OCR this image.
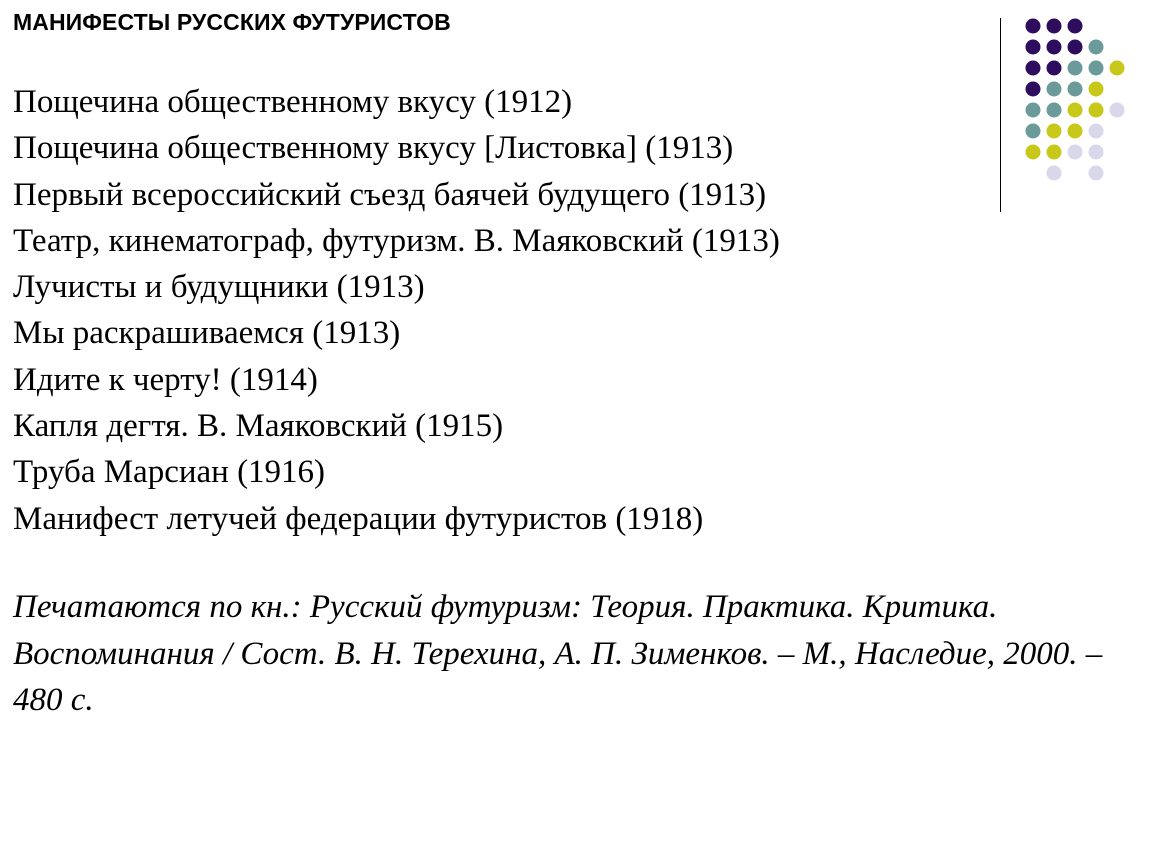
МАНИФЕСТЫ РУССКИХ ФУТУРИСТОВ
Пощечина общественному вкусу (1912)
Пощечина общественному вкусу [Листовка] (1913)
Первый всероссийский съезд баячей будущего (1913)
Театр, кинематограф, футуризм. В. Маяковский (1913)
Лучисты и будущники (1913)
Мы раскрашиваемся (1913)
Идите к черту! (1914)
Капля дегтя. В. Маяковский (1915)
Труба Марсиан (1916)
Манифест летучей федерации футуристов (1918)

Печатаются по кн.: Русский футуризм: Теория. Практика. Критика. Воспоминания / Сост. В. Н. Терехина, А. П. Зименков. – М., Наследие, 2000. – 480 с.
